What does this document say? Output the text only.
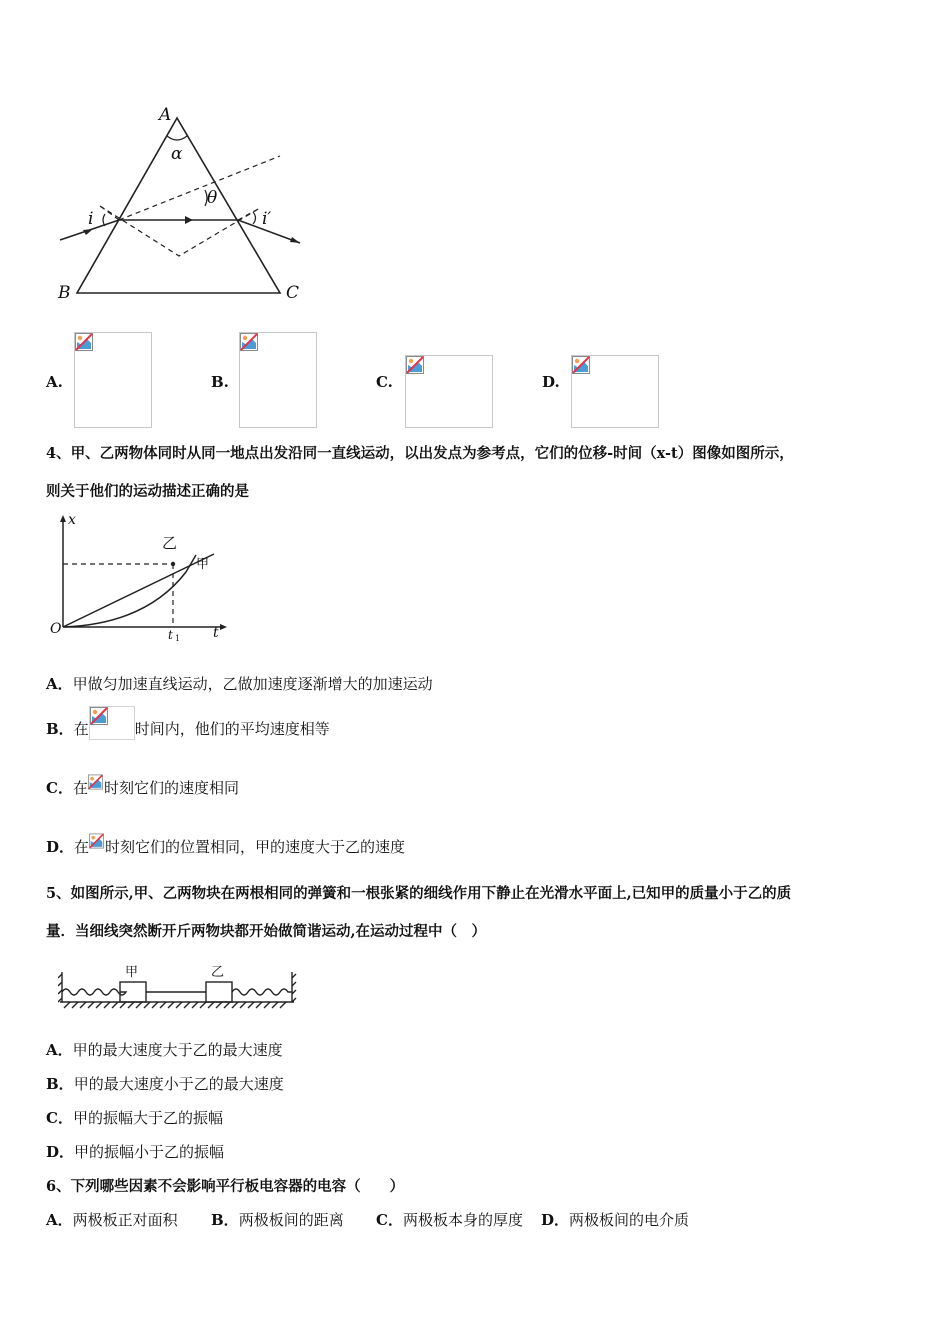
A
B	C
α
θ
i	i′
A.	B.	C.	D.
4、甲、乙两物体同时从同一地点出发沿同一直线运动，以出发点为参考点，它们的位移-时间（x-t）图像如图所示，
则关于他们的运动描述正确的是
x
t
O	t 1
乙
甲
A．甲做匀加速直线运动，乙做加速度逐渐增大的加速运动
B．在	时间内，他们的平均速度相等
C．在 时刻它们的速度相同
D．在 时刻它们的位置相同，甲的速度大于乙的速度
5、如图所示,甲、乙两物块在两根相同的弹簧和一根张紧的细线作用下静止在光滑水平面上,已知甲的质量小于乙的质
量．当细线突然断开斤两物块都开始做简谐运动,在运动过程中（　）
甲	乙
A．甲的最大速度大于乙的最大速度
B．甲的最大速度小于乙的最大速度
C．甲的振幅大于乙的振幅
D．甲的振幅小于乙的振幅
6、下列哪些因素不会影响平行板电容器的电容（　　）
A．两极板正对面积 B．两极板间的距离 C．两极板本身的厚度 D．两极板间的电介质
